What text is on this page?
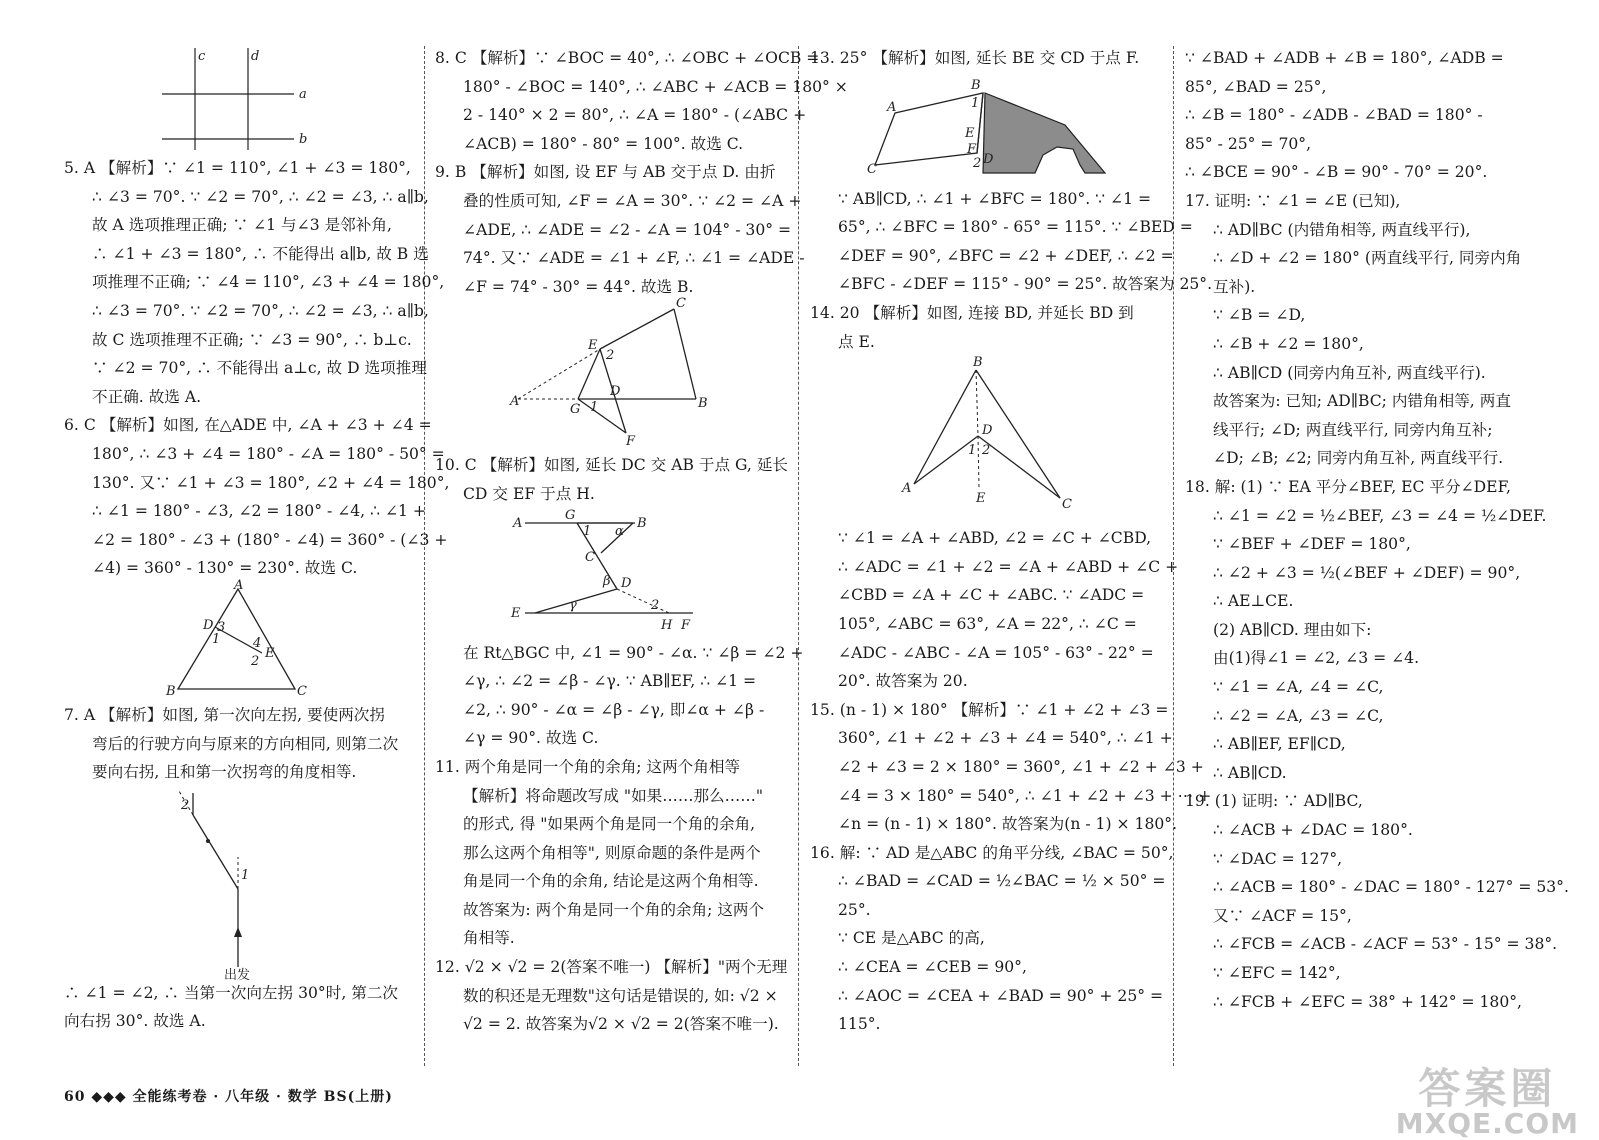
c	d
a
b
5. A 【解析】∵ ∠1 = 110°, ∠1 + ∠3 = 180°,
∴ ∠3 = 70°. ∵ ∠2 = 70°, ∴ ∠2 = ∠3, ∴ a∥b,
故 A 选项推理正确; ∵ ∠1 与∠3 是邻补角,
∴ ∠1 + ∠3 = 180°, ∴ 不能得出 a∥b, 故 B 选
项推理不正确; ∵ ∠4 = 110°, ∠3 + ∠4 = 180°,
∴ ∠3 = 70°. ∵ ∠2 = 70°, ∴ ∠2 = ∠3, ∴ a∥b,
故 C 选项推理不正确; ∵ ∠3 = 90°, ∴ b⊥c.
∵ ∠2 = 70°, ∴ 不能得出 a⊥c, 故 D 选项推理
不正确. 故选 A.
6. C 【解析】如图, 在△ADE 中, ∠A + ∠3 + ∠4 =
180°, ∴ ∠3 + ∠4 = 180° - ∠A = 180° - 50° =
130°. 又∵ ∠1 + ∠3 = 180°, ∠2 + ∠4 = 180°,
∴ ∠1 = 180° - ∠3, ∠2 = 180° - ∠4, ∴ ∠1 +
∠2 = 180° - ∠3 + (180° - ∠4) = 360° - (∠3 +
∠4) = 360° - 130° = 230°. 故选 C.
A
D 3
4
1
2
E
B	C
7. A 【解析】如图, 第一次向左拐, 要使两次拐
弯后的行驶方向与原来的方向相同, 则第二次
要向右拐, 且和第一次拐弯的角度相等.
2
1
出发
∴ ∠1 = ∠2, ∴ 当第一次向左拐 30°时, 第二次
向右拐 30°. 故选 A.
8. C 【解析】∵ ∠BOC = 40°, ∴ ∠OBC + ∠OCB =
180° - ∠BOC = 140°, ∴ ∠ABC + ∠ACB = 180° ×
2 - 140° × 2 = 80°, ∴ ∠A = 180° - (∠ABC +
∠ACB) = 180° - 80° = 100°. 故选 C.
9. B 【解析】如图, 设 EF 与 AB 交于点 D. 由折
叠的性质可知, ∠F = ∠A = 30°. ∵ ∠2 = ∠A +
∠ADE, ∴ ∠ADE = ∠2 - ∠A = 104° - 30° =
74°. 又∵ ∠ADE = ∠1 + ∠F, ∴ ∠1 = ∠ADE -
∠F = 74° - 30° = 44°. 故选 B.
C
E
2
D
A
G 1	B
F
10. C 【解析】如图, 延长 DC 交 AB 于点 G, 延长
CD 交 EF 于点 H.
A
G
1 α
B
C
β D
E
γ	2
H F
在 Rt△BGC 中, ∠1 = 90° - ∠α. ∵ ∠β = ∠2 +
∠γ, ∴ ∠2 = ∠β - ∠γ. ∵ AB∥EF, ∴ ∠1 =
∠2, ∴ 90° - ∠α = ∠β - ∠γ, 即∠α + ∠β -
∠γ = 90°. 故选 C.
11. 两个角是同一个角的余角; 这两个角相等
【解析】将命题改写成 "如果……那么……"
的形式, 得 "如果两个角是同一个角的余角,
那么这两个角相等", 则原命题的条件是两个
角是同一个角的余角, 结论是这两个角相等.
故答案为: 两个角是同一个角的余角; 这两个
角相等.
12. √2 × √2 = 2(答案不唯一) 【解析】"两个无理
数的积还是无理数"这句话是错误的, 如: √2 ×
√2 = 2. 故答案为√2 × √2 = 2(答案不唯一).
13. 25° 【解析】如图, 延长 BE 交 CD 于点 F.
A
B
1
E
F
2
C
D
∵ AB∥CD, ∴ ∠1 + ∠BFC = 180°. ∵ ∠1 =
65°, ∴ ∠BFC = 180° - 65° = 115°. ∵ ∠BED =
∠DEF = 90°, ∠BFC = ∠2 + ∠DEF, ∴ ∠2 =
∠BFC - ∠DEF = 115° - 90° = 25°. 故答案为 25°.
14. 20 【解析】如图, 连接 BD, 并延长 BD 到
点 E.
B
D
1 2
A
E	C
∵ ∠1 = ∠A + ∠ABD, ∠2 = ∠C + ∠CBD,
∴ ∠ADC = ∠1 + ∠2 = ∠A + ∠ABD + ∠C +
∠CBD = ∠A + ∠C + ∠ABC. ∵ ∠ADC =
105°, ∠ABC = 63°, ∠A = 22°, ∴ ∠C =
∠ADC - ∠ABC - ∠A = 105° - 63° - 22° =
20°. 故答案为 20.
15. (n - 1) × 180° 【解析】∵ ∠1 + ∠2 + ∠3 =
360°, ∠1 + ∠2 + ∠3 + ∠4 = 540°, ∴ ∠1 +
∠2 + ∠3 = 2 × 180° = 360°, ∠1 + ∠2 + ∠3 +
∠4 = 3 × 180° = 540°, ∴ ∠1 + ∠2 + ∠3 + ⋯ +
∠n = (n - 1) × 180°. 故答案为(n - 1) × 180°.
16. 解: ∵ AD 是△ABC 的角平分线, ∠BAC = 50°,
∴ ∠BAD = ∠CAD = ½∠BAC = ½ × 50° =
25°.
∵ CE 是△ABC 的高,
∴ ∠CEA = ∠CEB = 90°,
∴ ∠AOC = ∠CEA + ∠BAD = 90° + 25° =
115°.
∵ ∠BAD + ∠ADB + ∠B = 180°, ∠ADB =
85°, ∠BAD = 25°,
∴ ∠B = 180° - ∠ADB - ∠BAD = 180° -
85° - 25° = 70°,
∴ ∠BCE = 90° - ∠B = 90° - 70° = 20°.
17. 证明: ∵ ∠1 = ∠E (已知),
∴ AD∥BC (内错角相等, 两直线平行),
∴ ∠D + ∠2 = 180° (两直线平行, 同旁内角
互补).
∵ ∠B = ∠D,
∴ ∠B + ∠2 = 180°,
∴ AB∥CD (同旁内角互补, 两直线平行).
故答案为: 已知; AD∥BC; 内错角相等, 两直
线平行; ∠D; 两直线平行, 同旁内角互补;
∠D; ∠B; ∠2; 同旁内角互补, 两直线平行.
18. 解: (1) ∵ EA 平分∠BEF, EC 平分∠DEF,
∴ ∠1 = ∠2 = ½∠BEF, ∠3 = ∠4 = ½∠DEF.
∵ ∠BEF + ∠DEF = 180°,
∴ ∠2 + ∠3 = ½(∠BEF + ∠DEF) = 90°,
∴ AE⊥CE.
(2) AB∥CD. 理由如下:
由(1)得∠1 = ∠2, ∠3 = ∠4.
∵ ∠1 = ∠A, ∠4 = ∠C,
∴ ∠2 = ∠A, ∠3 = ∠C,
∴ AB∥EF, EF∥CD,
∴ AB∥CD.
19. (1) 证明: ∵ AD∥BC,
∴ ∠ACB + ∠DAC = 180°.
∵ ∠DAC = 127°,
∴ ∠ACB = 180° - ∠DAC = 180° - 127° = 53°.
又∵ ∠ACF = 15°,
∴ ∠FCB = ∠ACB - ∠ACF = 53° - 15° = 38°.
∵ ∠EFC = 142°,
∴ ∠FCB + ∠EFC = 38° + 142° = 180°,
60 ◆◆◆ 全能练考卷 · 八年级 · 数学 BS(上册)	答案圈
MXQE.COM
